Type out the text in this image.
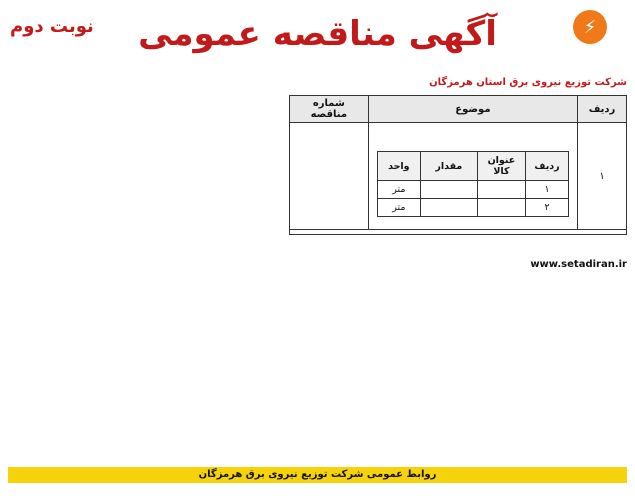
⚡
آگهی مناقصه عمومی
نوبت دوم
شرکت توزیع نیروی برق استان هرمزگان
ردیف	موضوع	شماره مناقصه
۱	
ردیف	عنوان کالا	مقدار	واحد
۱			متر
۲			متر

www.setadiran.ir
روابط عمومی شرکت توزیع نیروی برق هرمزگان
